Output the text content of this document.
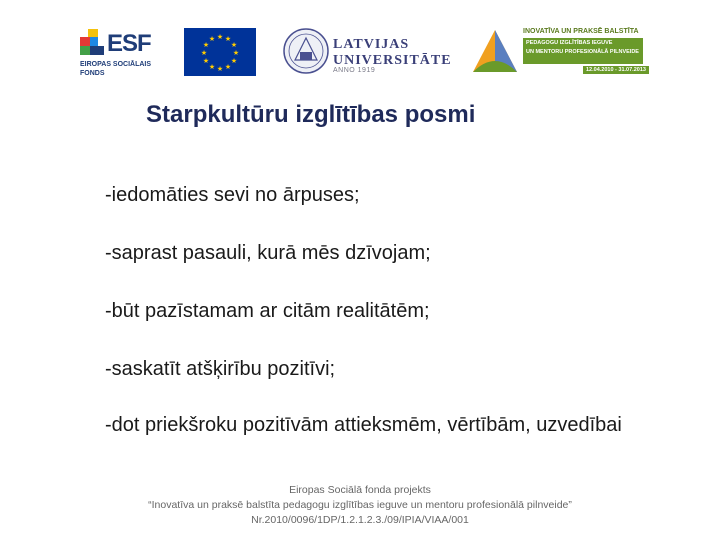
ESF
EIROPAS SOCIĀLAIS
FONDS
★ ★
★
★
★
★
★
★
★
★
★
★	LATVIJAS
UNIVERSITĀTE
ANNO 1919
INOVATĪVA UN PRAKSĒ BALSTĪTA
PEDAGOGU IZGLĪTĪBAS IEGUVE
UN MENTORU PROFESIONĀLĀ PILNVEIDE
12.04.2010 - 31.07.2013
Starpkultūru izglītības posmi
-iedomāties sevi no ārpuses;
-saprast pasauli, kurā mēs dzīvojam;
-būt pazīstamam ar citām realitātēm;
-saskatīt atšķirību pozitīvi;
-dot priekšroku pozitīvām attieksmēm, vērtībām, uzvedībai
Eiropas Sociālā fonda projekts
“Inovatīva un praksē balstīta pedagogu izglītības ieguve un mentoru profesionālā pilnveide”
Nr.2010/0096/1DP/1.2.1.2.3./09/IPIA/VIAA/001
